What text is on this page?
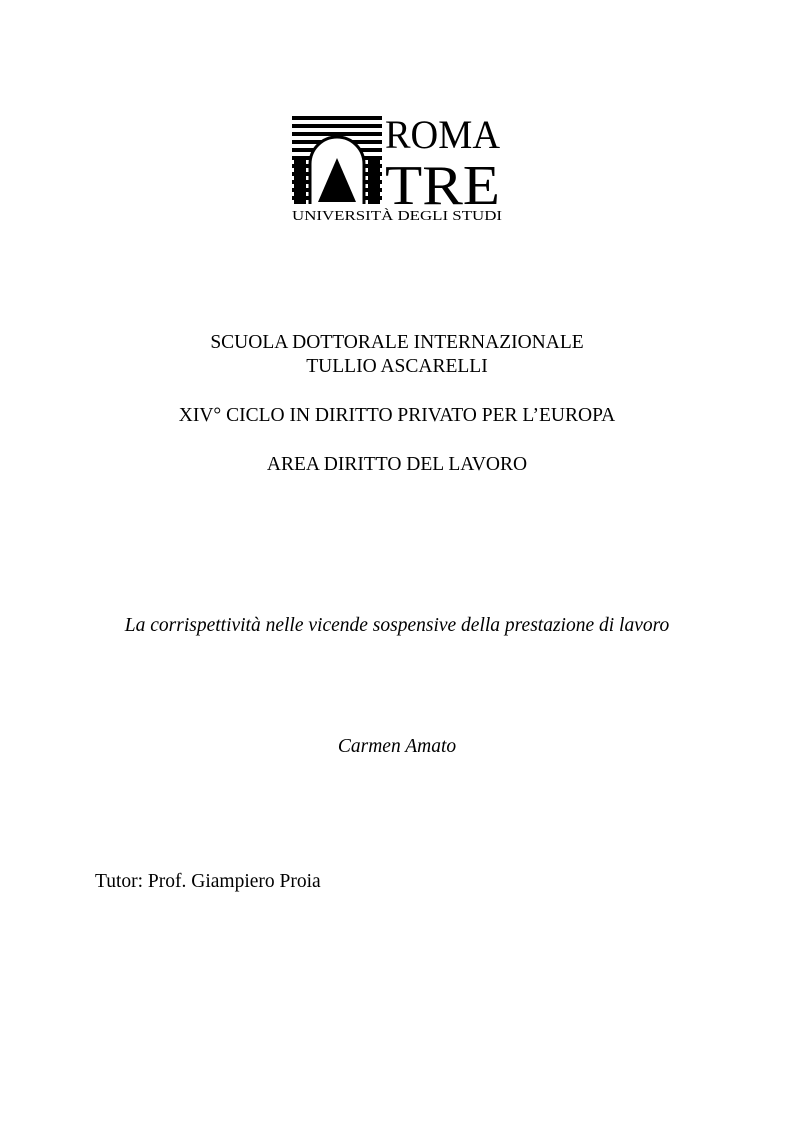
ROMA
TRE
UNIVERSITÀ DEGLI STUDI
SCUOLA DOTTORALE INTERNAZIONALE
TULLIO ASCARELLI
XIV° CICLO IN DIRITTO PRIVATO PER L’EUROPA
AREA DIRITTO DEL LAVORO
La corrispettività nelle vicende sospensive della prestazione di lavoro
Carmen Amato
Tutor: Prof. Giampiero Proia
